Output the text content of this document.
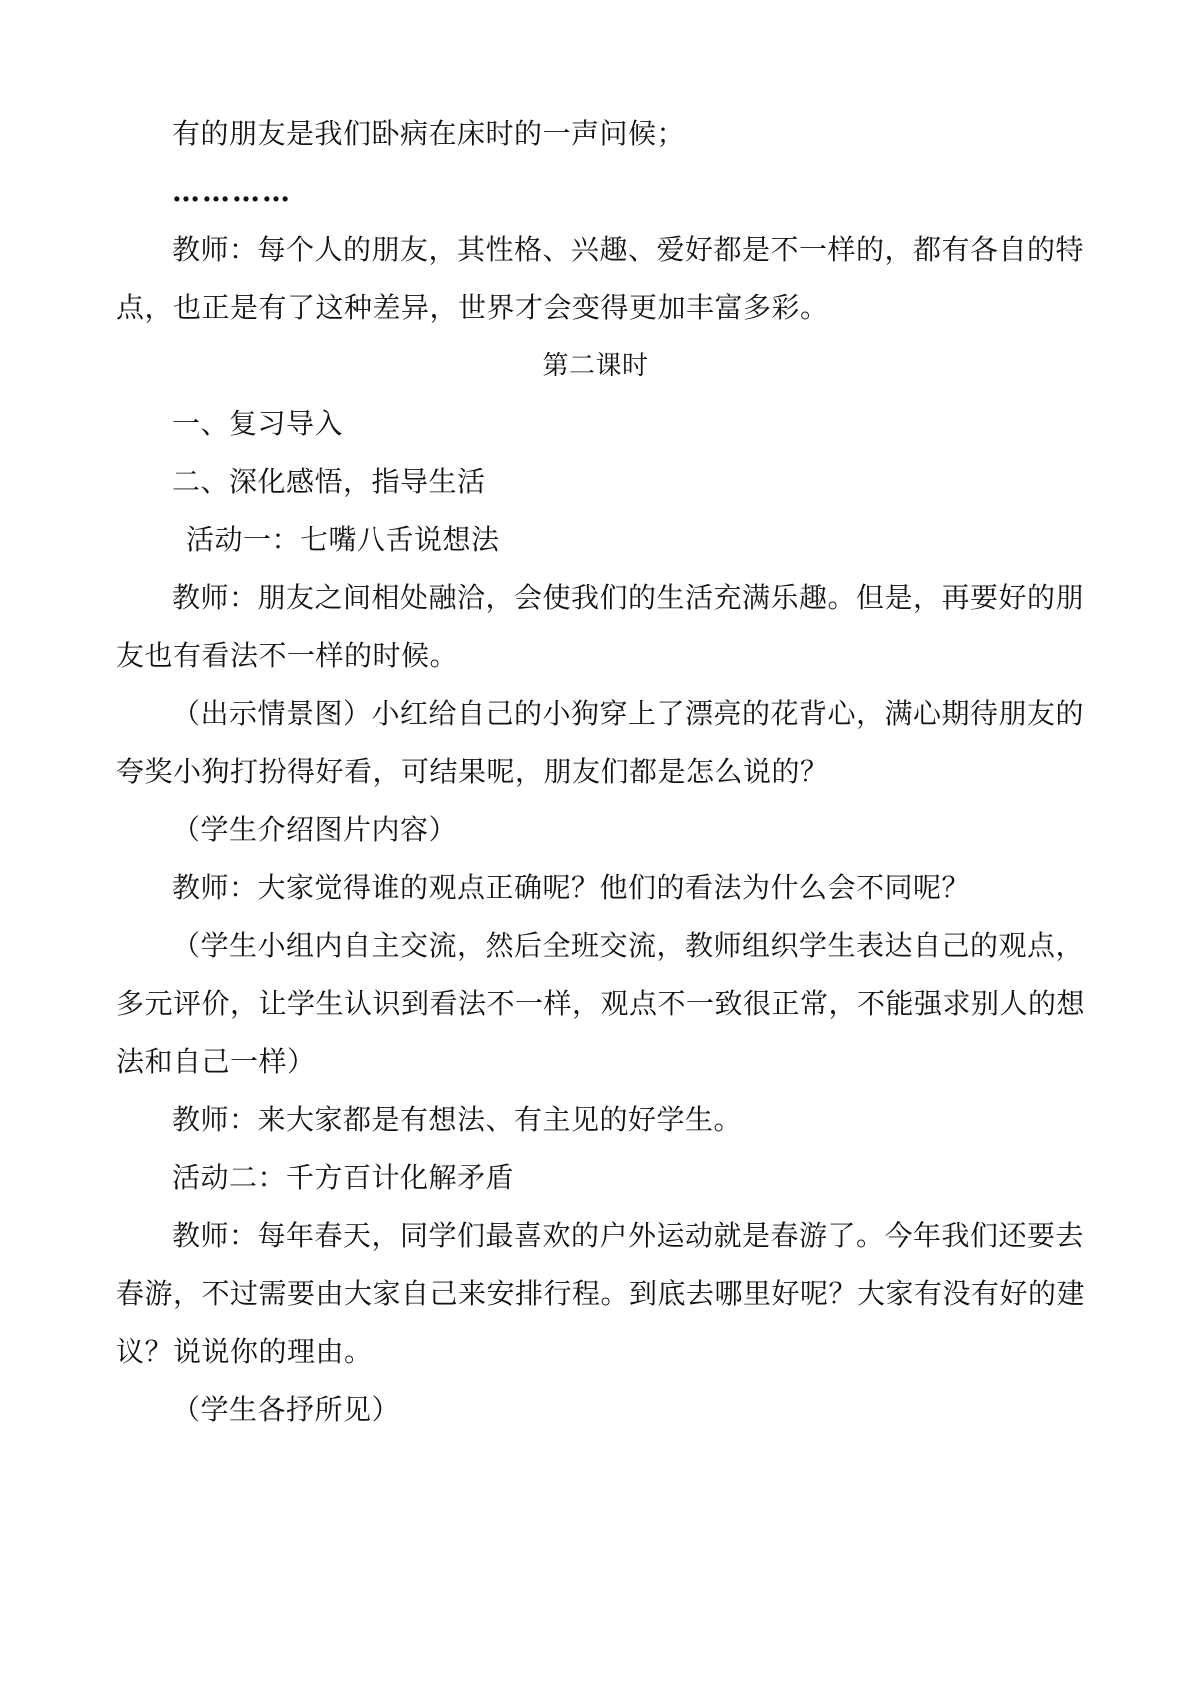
有的朋友是我们卧病在床时的一声问候；
…………
教师：每个人的朋友，其性格、兴趣、爱好都是不一样的，都有各自的特
点，也正是有了这种差异，世界才会变得更加丰富多彩。
第二课时
一、复习导入
二、深化感悟，指导生活
活动一：七嘴八舌说想法
教师：朋友之间相处融洽，会使我们的生活充满乐趣。但是，再要好的朋
友也有看法不一样的时候。
（出示情景图）小红给自己的小狗穿上了漂亮的花背心，满心期待朋友的
夸奖小狗打扮得好看，可结果呢，朋友们都是怎么说的？
（学生介绍图片内容）
教师：大家觉得谁的观点正确呢？他们的看法为什么会不同呢？
（学生小组内自主交流，然后全班交流，教师组织学生表达自己的观点，
多元评价，让学生认识到看法不一样，观点不一致很正常，不能强求别人的想
法和自己一样）
教师：来大家都是有想法、有主见的好学生。
活动二：千方百计化解矛盾
教师：每年春天，同学们最喜欢的户外运动就是春游了。今年我们还要去
春游，不过需要由大家自己来安排行程。到底去哪里好呢？大家有没有好的建
议？说说你的理由。
（学生各抒所见）
